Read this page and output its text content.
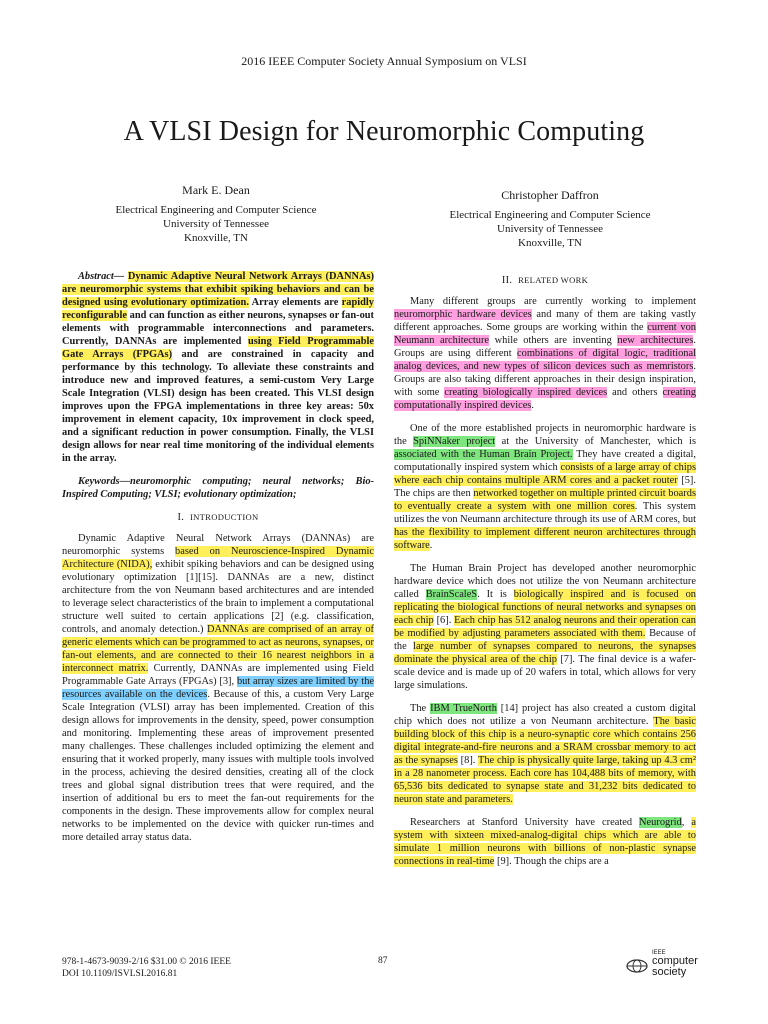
2016 IEEE Computer Society Annual Symposium on VLSI
A VLSI Design for Neuromorphic Computing
Mark E. Dean
Electrical Engineering and Computer Science
University of Tennessee
Knoxville, TN
Christopher Daffron
Electrical Engineering and Computer Science
University of Tennessee
Knoxville, TN

Abstract— Dynamic Adaptive Neural Network Arrays (DANNAs) are neuromorphic systems that exhibit spiking behaviors and can be designed using evolutionary optimization. Array elements are rapidly reconfigurable and can function as either neurons, synapses or fan-out elements with programmable interconnections and parameters. Currently, DANNAs are implemented using Field Programmable Gate Arrays (FPGAs) and are constrained in capacity and performance by this technology. To alleviate these constraints and introduce new and improved features, a semi-custom Very Large Scale Integration (VLSI) design has been created. This VLSI design improves upon the FPGA implementations in three key areas: 50x improvement in element capacity, 10x improvement in clock speed, and a significant reduction in power consumption. Finally, the VLSI design allows for near real time monitoring of the individual elements in the array.

Keywords—neuromorphic computing; neural networks; Bio-Inspired Computing; VLSI; evolutionary optimization;

I. INTRODUCTION

Dynamic Adaptive Neural Network Arrays (DANNAs) are neuromorphic systems based on Neuroscience-Inspired Dynamic Architecture (NIDA), exhibit spiking behaviors and can be designed using evolutionary optimization [1][15]. DANNAs are a new, distinct architecture from the von Neumann based architectures and are intended to leverage select characteristics of the brain to implement a computational structure well suited to certain applications [2] (e.g. classification, controls, and anomaly detection.) DANNAs are comprised of an array of generic elements which can be programmed to act as neurons, synapses, or fan-out elements, and are connected to their 16 nearest neighbors in a interconnect matrix. Currently, DANNAs are implemented using Field Programmable Gate Arrays (FPGAs) [3], but array sizes are limited by the resources available on the devices. Because of this, a custom Very Large Scale Integration (VLSI) array has been implemented. Creation of this design allows for improvements in the density, speed, power consumption and monitoring. Implementing these areas of improvement presented many challenges. These challenges included optimizing the element and ensuring that it worked properly, many issues with multiple tools involved in the process, achieving the desired densities, creating all of the clock trees and global signal distribution trees that were required, and the insertion of additional bu ers to meet the fan-out requirements for the components in the design. These improvements allow for complex neural networks to be implemented on the device with quicker run-times and more detailed array status data.

II. RELATED WORK

Many different groups are currently working to implement neuromorphic hardware devices and many of them are taking vastly different approaches. Some groups are working within the current von Neumann architecture while others are inventing new architectures. Groups are using different combinations of digital logic, traditional analog devices, and new types of silicon devices such as memristors. Groups are also taking different approaches in their design inspiration, with some creating biologically inspired devices and others creating computationally inspired devices.

One of the more established projects in neuromorphic hardware is the SpiNNaker project at the University of Manchester, which is associated with the Human Brain Project. They have created a digital, computationally inspired system which consists of a large array of chips where each chip contains multiple ARM cores and a packet router [5]. The chips are then networked together on multiple printed circuit boards to eventually create a system with one million cores. This system utilizes the von Neumann architecture through its use of ARM cores, but has the flexibility to implement different neuron architectures through software.

The Human Brain Project has developed another neuromorphic hardware device which does not utilize the von Neumann architecture called BrainScaleS. It is biologically inspired and is focused on replicating the biological functions of neural networks and synapses on each chip [6]. Each chip has 512 analog neurons and their operation can be modified by adjusting parameters associated with them. Because of the large number of synapses compared to neurons, the synapses dominate the physical area of the chip [7]. The final device is a wafer-scale device and is made up of 20 wafers in total, which allows for very large simulations.

The IBM TrueNorth [14] project has also created a custom digital chip which does not utilize a von Neumann architecture. The basic building block of this chip is a neuro-synaptic core which contains 256 digital integrate-and-fire neurons and a SRAM crossbar memory to act as the synapses [8]. The chip is physically quite large, taking up 4.3 cm² in a 28 nanometer process. Each core has 104,488 bits of memory, with 65,536 bits dedicated to synapse state and 31,232 bits dedicated to neuron state and parameters.

Researchers at Stanford University have created Neurogrid, a system with sixteen mixed-analog-digital chips which are able to simulate 1 million neurons with billions of non-plastic synapse connections in real-time [9]. Though the chips are a

978-1-4673-9039-2/16 $31.00 © 2016 IEEE
DOI 10.1109/ISVLSI.2016.81
87
IEEE
computer
society
